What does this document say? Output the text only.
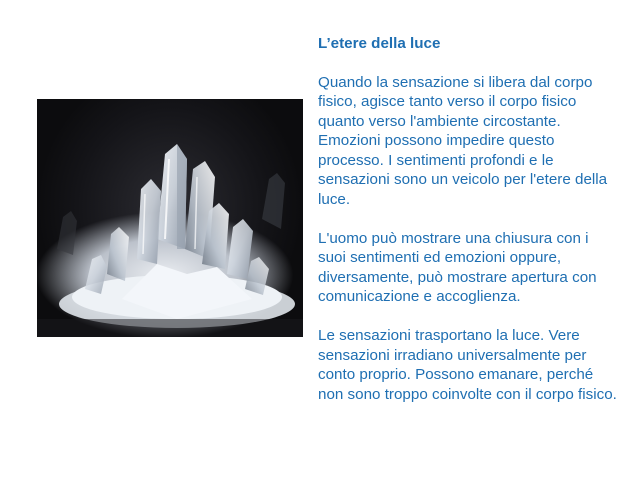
L’etere della luce

Quando la sensazione si libera dal corpo fisico, agisce tanto verso il corpo fisico quanto verso l'ambiente circostante. Emozioni possono impedire questo processo. I sentimenti profondi e le sensazioni sono un veicolo per l'etere della luce.

L'uomo può mostrare una chiusura con i suoi sentimenti ed emozioni oppure, diversamente, può mostrare apertura con comunicazione e accoglienza.

Le sensazioni trasportano la luce. Vere sensazioni irradiano universalmente per conto proprio. Possono emanare, perché non sono troppo coinvolte con il corpo fisico.
